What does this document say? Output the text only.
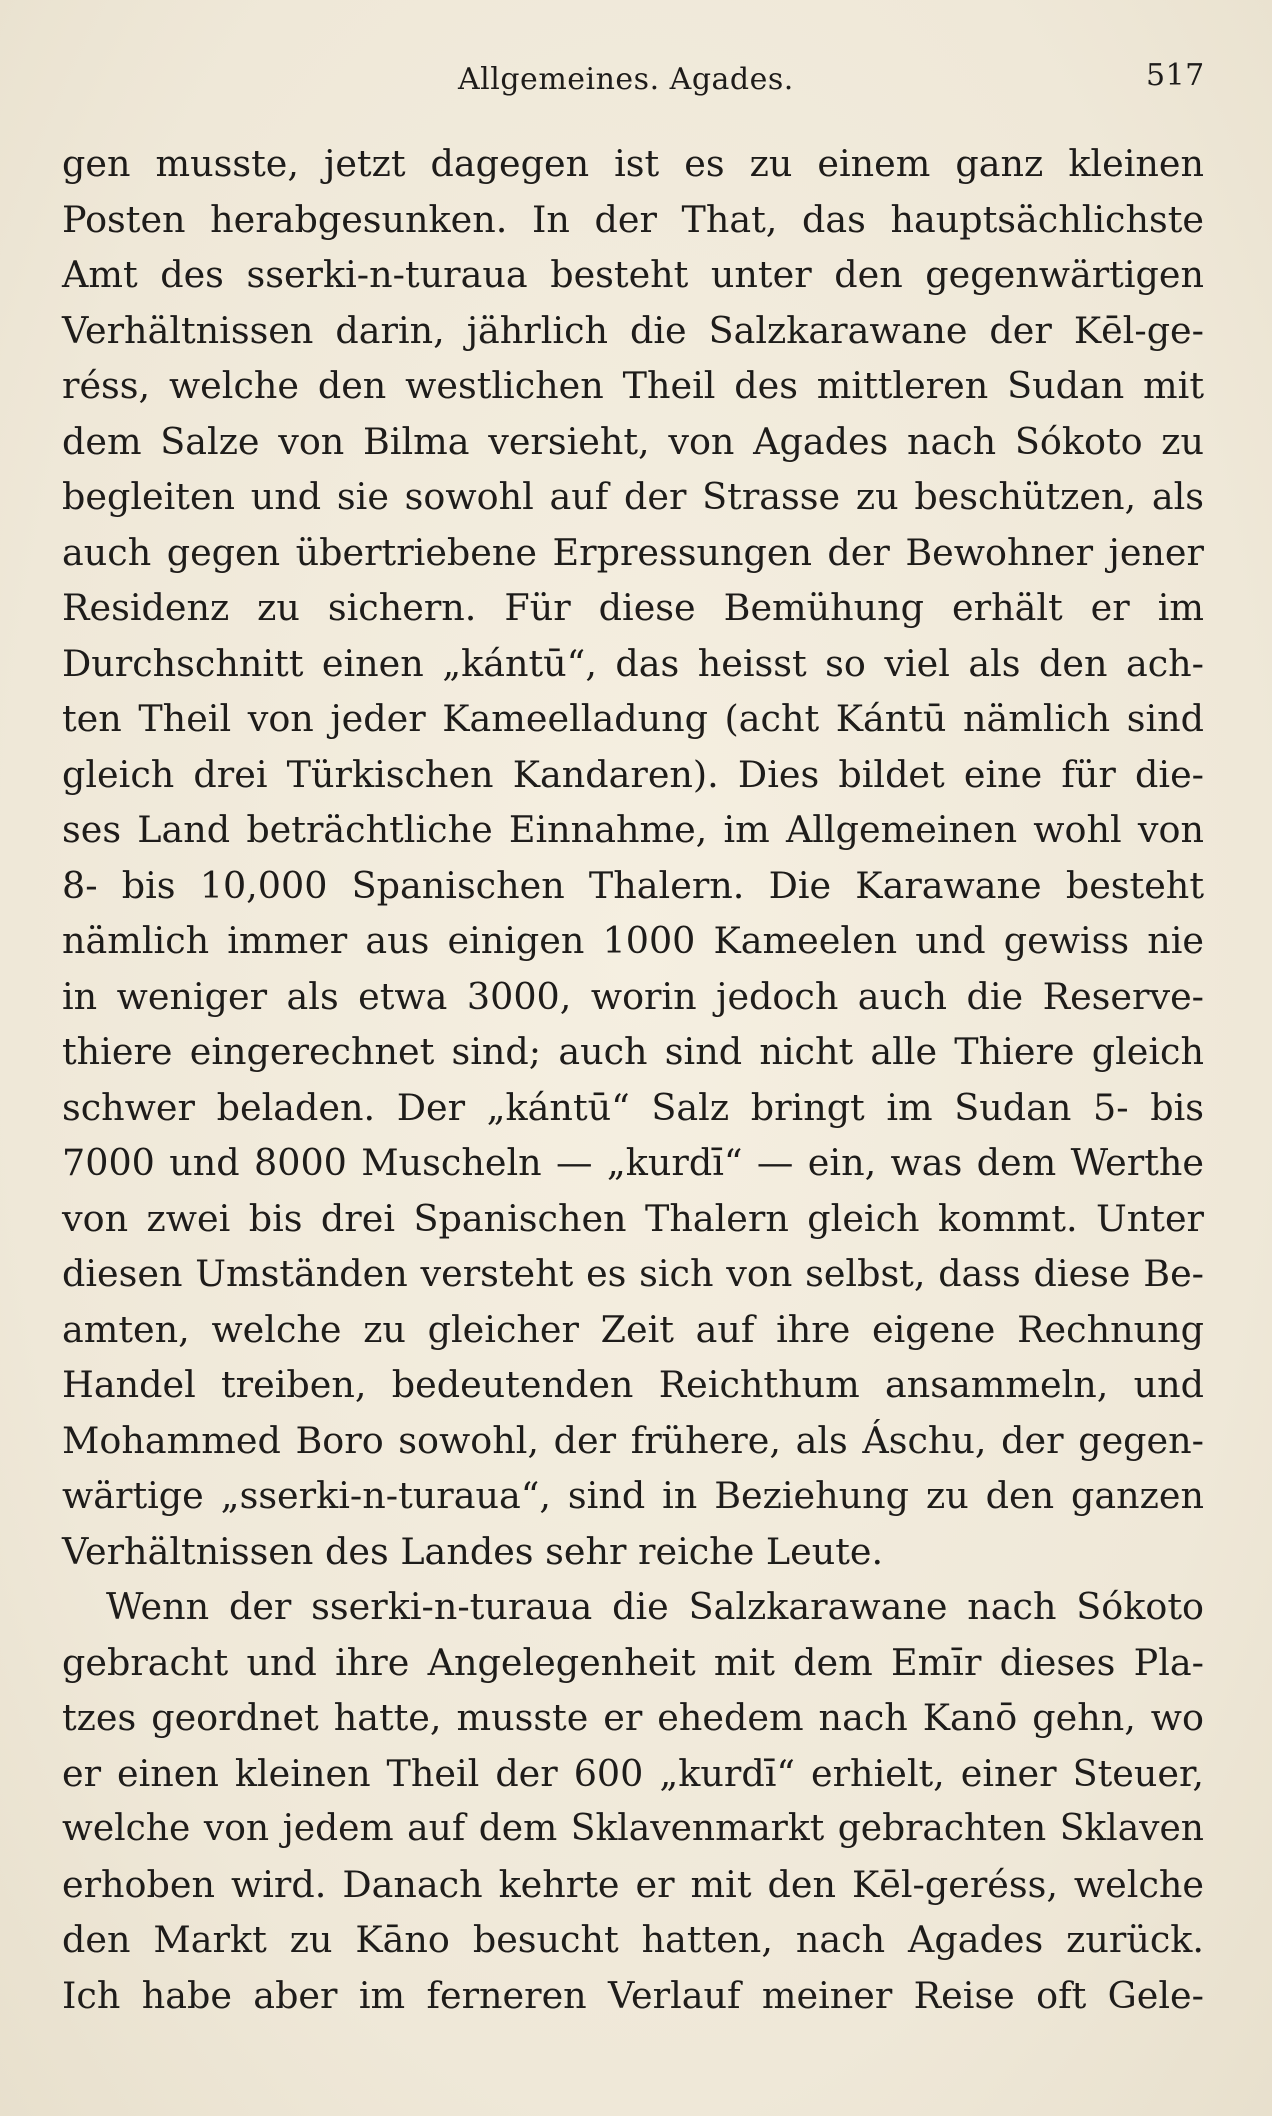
Allgemeines. Agades.	517
gen musste, jetzt dagegen ist es zu einem ganz kleinen
Posten herabgesunken. In der That, das hauptsächlichste
Amt des sserki-n-turaua besteht unter den gegenwärtigen
Verhältnissen darin, jährlich die Salzkarawane der Kēl-ge-
réss, welche den westlichen Theil des mittleren Sudan mit
dem Salze von Bilma versieht, von Agades nach Sókoto zu
begleiten und sie sowohl auf der Strasse zu beschützen, als
auch gegen übertriebene Erpressungen der Bewohner jener
Residenz zu sichern. Für diese Bemühung erhält er im
Durchschnitt einen „kántū“, das heisst so viel als den ach-
ten Theil von jeder Kameelladung (acht Kántū nämlich sind
gleich drei Türkischen Kandaren). Dies bildet eine für die-
ses Land beträchtliche Einnahme, im Allgemeinen wohl von
8- bis 10,000 Spanischen Thalern. Die Karawane besteht
nämlich immer aus einigen 1000 Kameelen und gewiss nie
in weniger als etwa 3000, worin jedoch auch die Reserve-
thiere eingerechnet sind; auch sind nicht alle Thiere gleich
schwer beladen. Der „kántū“ Salz bringt im Sudan 5- bis
7000 und 8000 Muscheln — „kurdī“ — ein, was dem Werthe
von zwei bis drei Spanischen Thalern gleich kommt. Unter
diesen Umständen versteht es sich von selbst, dass diese Be-
amten, welche zu gleicher Zeit auf ihre eigene Rechnung
Handel treiben, bedeutenden Reichthum ansammeln, und
Mohammed Boro sowohl, der frühere, als Áschu, der gegen-
wärtige „sserki-n-turaua“, sind in Beziehung zu den ganzen
Verhältnissen des Landes sehr reiche Leute.
Wenn der sserki-n-turaua die Salzkarawane nach Sókoto
gebracht und ihre Angelegenheit mit dem Emīr dieses Pla-
tzes geordnet hatte, musste er ehedem nach Kanō gehn, wo
er einen kleinen Theil der 600 „kurdī“ erhielt, einer Steuer,
welche von jedem auf dem Sklavenmarkt gebrachten Sklaven
erhoben wird. Danach kehrte er mit den Kēl-geréss, welche
den Markt zu Kāno besucht hatten, nach Agades zurück.
Ich habe aber im ferneren Verlauf meiner Reise oft Gele-
